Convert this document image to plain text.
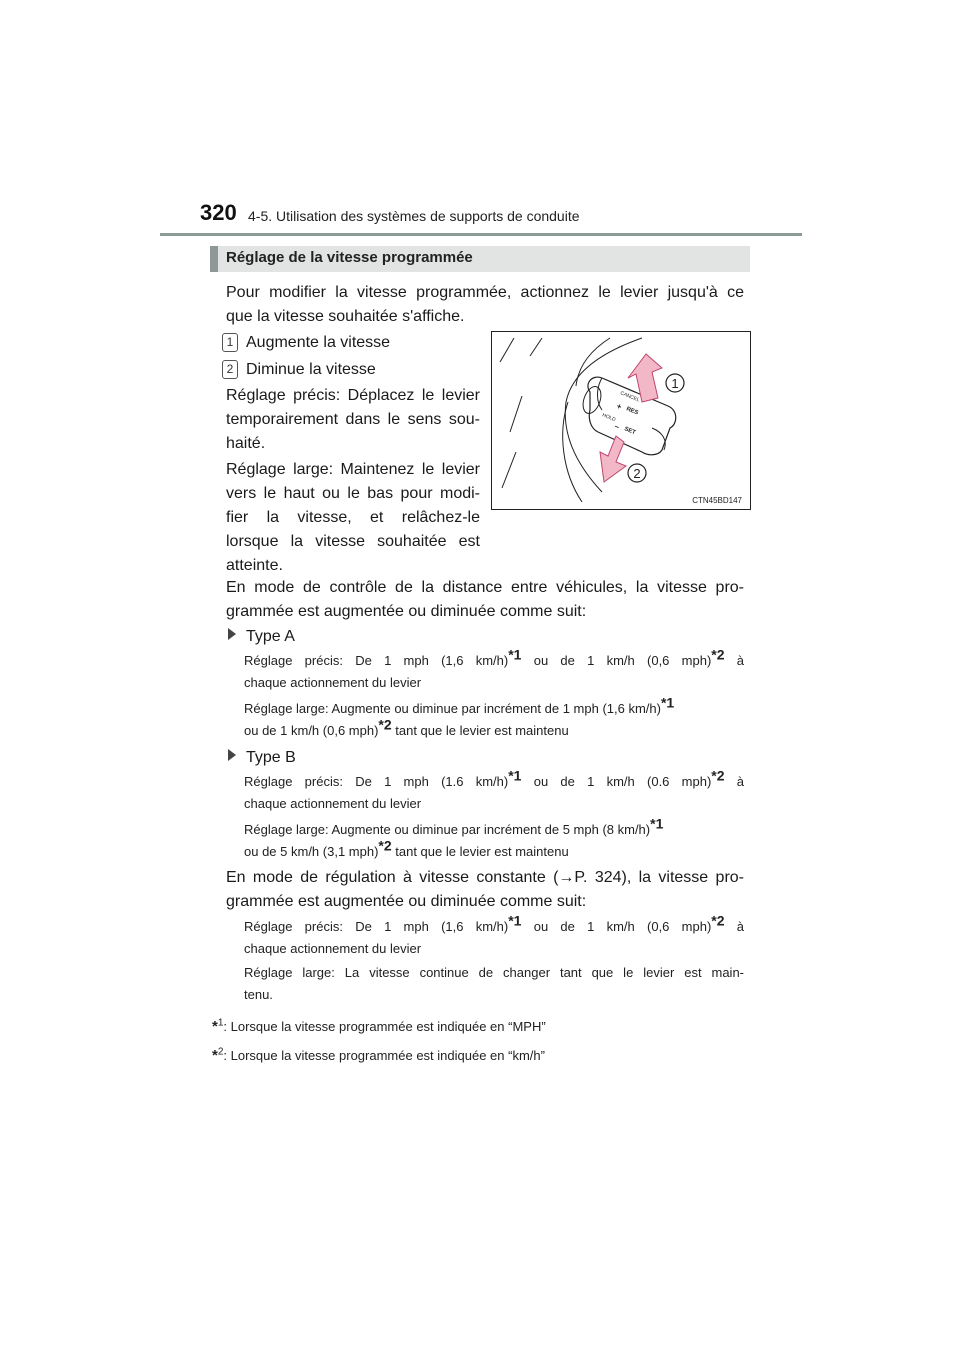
320 4-5. Utilisation des systèmes de supports de conduite
Réglage de la vitesse programmée
Pour modifier la vitesse programmée, actionnez le levier jusqu'à ce
que la vitesse souhaitée s'affiche.
1 Augmente la vitesse
2 Diminue la vitesse
Réglage précis: Déplacez le levier
temporairement dans le sens sou-
haité.
Réglage large: Maintenez le levier
vers le haut ou le bas pour modi-
fier la vitesse, et relâchez-le
lorsque la vitesse souhaitée est
atteinte.
CANCEL
+ RES
HOLD
– SET
1
2
CTN45BD147
En mode de contrôle de la distance entre véhicules, la vitesse pro-
grammée est augmentée ou diminuée comme suit:
Type A
Réglage précis: De 1 mph (1,6 km/h)$^{*1}$ ou de 1 km/h (0,6 mph)$^{*2}$ à
chaque actionnement du levier
Réglage large: Augmente ou diminue par incrément de 1 mph (1,6 km/h)$^{*1}$
ou de 1 km/h (0,6 mph)$^{*2}$ tant que le levier est maintenu
Type B
Réglage précis: De 1 mph (1.6 km/h)$^{*1}$ ou de 1 km/h (0.6 mph)$^{*2}$ à
chaque actionnement du levier
Réglage large: Augmente ou diminue par incrément de 5 mph (8 km/h)$^{*1}$
ou de 5 km/h (3,1 mph)$^{*2}$ tant que le levier est maintenu
En mode de régulation à vitesse constante (→P. 324), la vitesse pro-
grammée est augmentée ou diminuée comme suit:
Réglage précis: De 1 mph (1,6 km/h)$^{*1}$ ou de 1 km/h (0,6 mph)$^{*2}$ à
chaque actionnement du levier
Réglage large: La vitesse continue de changer tant que le levier est main-
tenu.
*$^1$: Lorsque la vitesse programmée est indiquée en “MPH”
*$^2$: Lorsque la vitesse programmée est indiquée en “km/h”
